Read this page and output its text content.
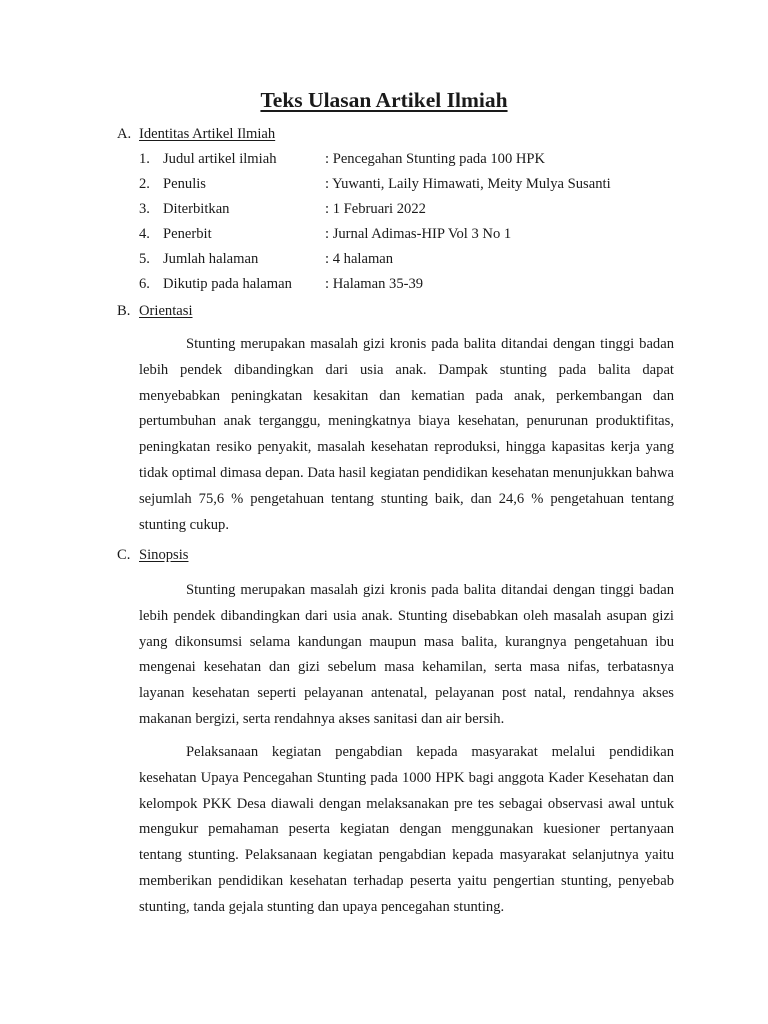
Teks Ulasan Artikel Ilmiah
A. Identitas Artikel Ilmiah
1. Judul artikel ilmiah	: Pencegahan Stunting pada 100 HPK
2. Penulis	: Yuwanti, Laily Himawati, Meity Mulya Susanti
3. Diterbitkan	: 1 Februari 2022
4. Penerbit	: Jurnal Adimas-HIP Vol 3 No 1
5. Jumlah halaman	: 4 halaman
6. Dikutip pada halaman : Halaman 35-39
B. Orientasi

Stunting merupakan masalah gizi kronis pada balita ditandai dengan tinggi badan lebih pendek dibandingkan dari usia anak. Dampak stunting pada balita dapat menyebabkan peningkatan kesakitan dan kematian pada anak, perkembangan dan pertumbuhan anak terganggu, meningkatnya biaya kesehatan, penurunan produktifitas, peningkatan resiko penyakit, masalah kesehatan reproduksi, hingga kapasitas kerja yang tidak optimal dimasa depan. Data hasil kegiatan pendidikan kesehatan menunjukkan bahwa sejumlah 75,6 % pengetahuan tentang stunting baik, dan 24,6 % pengetahuan tentang stunting cukup.

C. Sinopsis

Stunting merupakan masalah gizi kronis pada balita ditandai dengan tinggi badan lebih pendek dibandingkan dari usia anak. Stunting disebabkan oleh masalah asupan gizi yang dikonsumsi selama kandungan maupun masa balita, kurangnya pengetahuan ibu mengenai kesehatan dan gizi sebelum masa kehamilan, serta masa nifas, terbatasnya layanan kesehatan seperti pelayanan antenatal, pelayanan post natal, rendahnya akses makanan bergizi, serta rendahnya akses sanitasi dan air bersih.

Pelaksanaan kegiatan pengabdian kepada masyarakat melalui pendidikan kesehatan Upaya Pencegahan Stunting pada 1000 HPK bagi anggota Kader Kesehatan dan kelompok PKK Desa diawali dengan melaksanakan pre tes sebagai observasi awal untuk mengukur pemahaman peserta kegiatan dengan menggunakan kuesioner pertanyaan tentang stunting. Pelaksanaan kegiatan pengabdian kepada masyarakat selanjutnya yaitu memberikan pendidikan kesehatan terhadap peserta yaitu pengertian stunting, penyebab stunting, tanda gejala stunting dan upaya pencegahan stunting.
